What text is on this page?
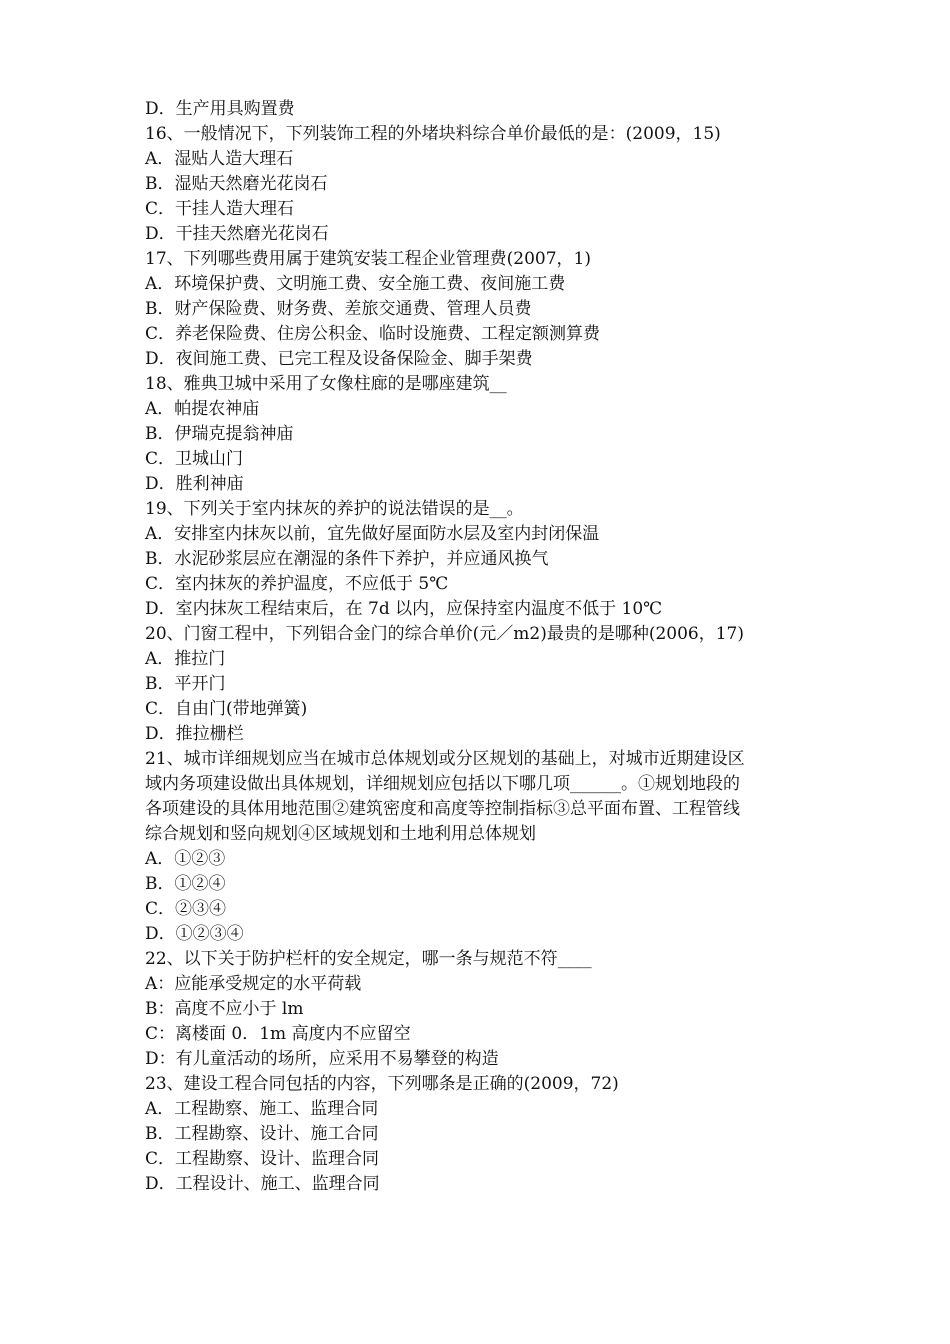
D．生产用具购置费
16、一般情况下，下列装饰工程的外堵块料综合单价最低的是：(2009，15)
A．湿贴人造大理石
B．湿贴天然磨光花岗石
C．干挂人造大理石
D．干挂天然磨光花岗石
17、下列哪些费用属于建筑安装工程企业管理费(2007，1)
A．环境保护费、文明施工费、安全施工费、夜间施工费
B．财产保险费、财务费、差旅交通费、管理人员费
C．养老保险费、住房公积金、临时设施费、工程定额测算费
D．夜间施工费、已完工程及设备保险金、脚手架费
18、雅典卫城中采用了女像柱廊的是哪座建筑__
A．帕提农神庙
B．伊瑞克提翁神庙
C．卫城山门
D．胜利神庙
19、下列关于室内抹灰的养护的说法错误的是__。
A．安排室内抹灰以前，宜先做好屋面防水层及室内封闭保温
B．水泥砂浆层应在潮湿的条件下养护，并应通风换气
C．室内抹灰的养护温度，不应低于 5℃
D．室内抹灰工程结束后，在 7d 以内，应保持室内温度不低于 10℃
20、门窗工程中，下列铝合金门的综合单价(元／m2)最贵的是哪种(2006，17)
A．推拉门
B．平开门
C．自由门(带地弹簧)
D．推拉栅栏
21、城市详细规划应当在城市总体规划或分区规划的基础上，对城市近期建设区
域内务项建设做出具体规划，详细规划应包括以下哪几项______。①规划地段的
各项建设的具体用地范围②建筑密度和高度等控制指标③总平面布置、工程管线
综合规划和竖向规划④区域规划和土地利用总体规划
A．①②③
B．①②④
C．②③④
D．①②③④
22、以下关于防护栏杆的安全规定，哪一条与规范不符____
A：应能承受规定的水平荷载
B：高度不应小于 lm
C：离楼面 0．1m 高度内不应留空
D：有儿童活动的场所，应采用不易攀登的构造
23、建设工程合同包括的内容，下列哪条是正确的(2009，72)
A．工程勘察、施工、监理合同
B．工程勘察、设计、施工合同
C．工程勘察、设计、监理合同
D．工程设计、施工、监理合同
